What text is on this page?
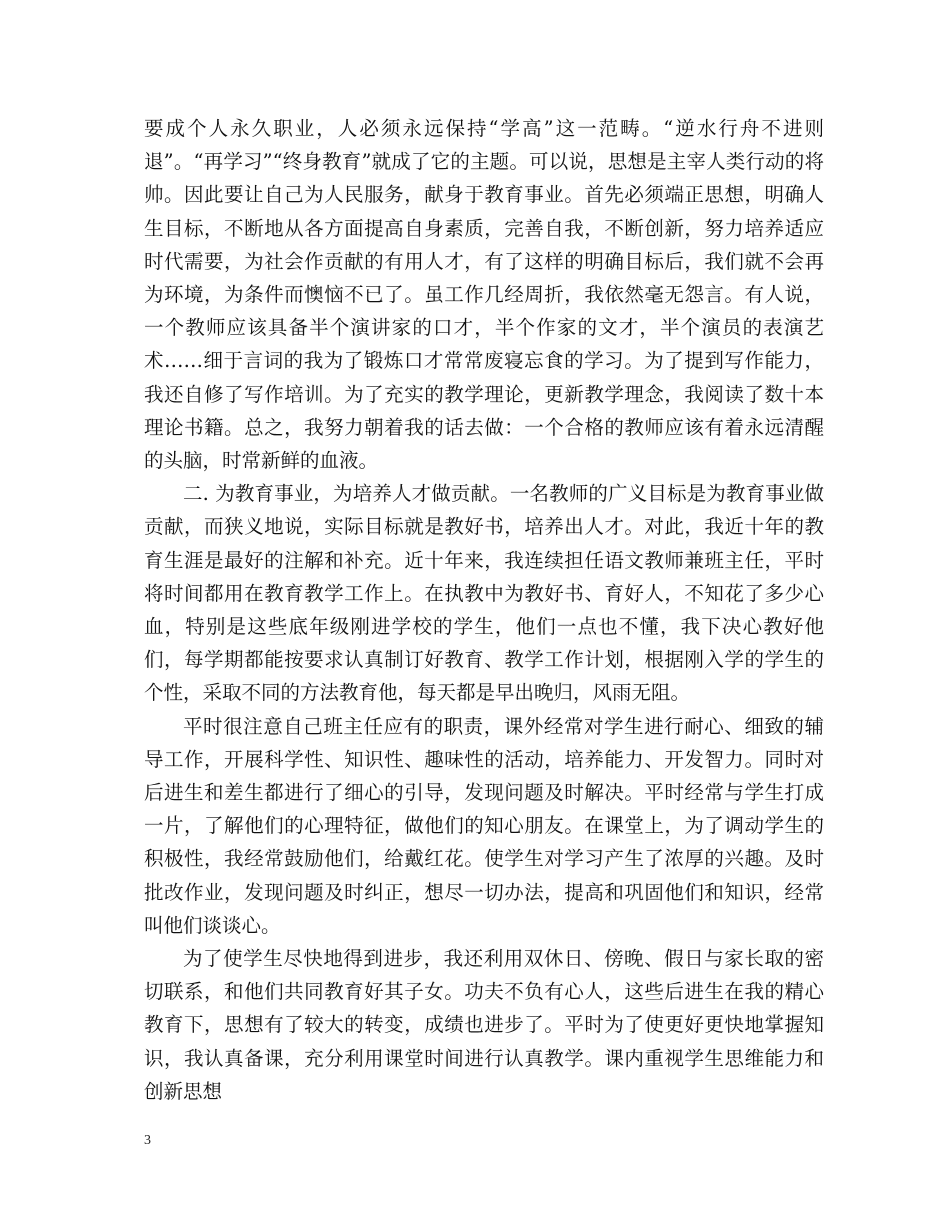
要成个人永久职业，人必须永远保持“学高”这一范畴。“逆水行舟不进则退”。“再学习”“终身教育”就成了它的主题。可以说，思想是主宰人类行动的将帅。因此要让自己为人民服务，献身于教育事业。首先必须端正思想，明确人生目标，不断地从各方面提高自身素质，完善自我，不断创新，努力培养适应时代需要，为社会作贡献的有用人才，有了这样的明确目标后，我们就不会再为环境，为条件而懊恼不已了。虽工作几经周折，我依然毫无怨言。有人说，一个教师应该具备半个演讲家的口才，半个作家的文才，半个演员的表演艺术……细于言词的我为了锻炼口才常常废寝忘食的学习。为了提到写作能力，我还自修了写作培训。为了充实的教学理论，更新教学理念，我阅读了数十本理论书籍。总之，我努力朝着我的话去做：一个合格的教师应该有着永远清醒的头脑，时常新鲜的血液。

二. 为教育事业，为培养人才做贡献。一名教师的广义目标是为教育事业做贡献，而狭义地说，实际目标就是教好书，培养出人才。对此，我近十年的教育生涯是最好的注解和补充。近十年来，我连续担任语文教师兼班主任，平时将时间都用在教育教学工作上。在执教中为教好书、育好人，不知花了多少心血，特别是这些底年级刚进学校的学生，他们一点也不懂，我下决心教好他们，每学期都能按要求认真制订好教育、教学工作计划，根据刚入学的学生的个性，采取不同的方法教育他，每天都是早出晚归，风雨无阻。

平时很注意自己班主任应有的职责，课外经常对学生进行耐心、细致的辅导工作，开展科学性、知识性、趣味性的活动，培养能力、开发智力。同时对后进生和差生都进行了细心的引导，发现问题及时解决。平时经常与学生打成一片，了解他们的心理特征，做他们的知心朋友。在课堂上，为了调动学生的积极性，我经常鼓励他们，给戴红花。使学生对学习产生了浓厚的兴趣。及时批改作业，发现问题及时纠正，想尽一切办法，提高和巩固他们和知识，经常叫他们谈谈心。

为了使学生尽快地得到进步，我还利用双休日、傍晚、假日与家长取的密切联系，和他们共同教育好其子女。功夫不负有心人，这些后进生在我的精心教育下，思想有了较大的转变，成绩也进步了。平时为了使更好更快地掌握知识，我认真备课，充分利用课堂时间进行认真教学。课内重视学生思维能力和创新思想

3
